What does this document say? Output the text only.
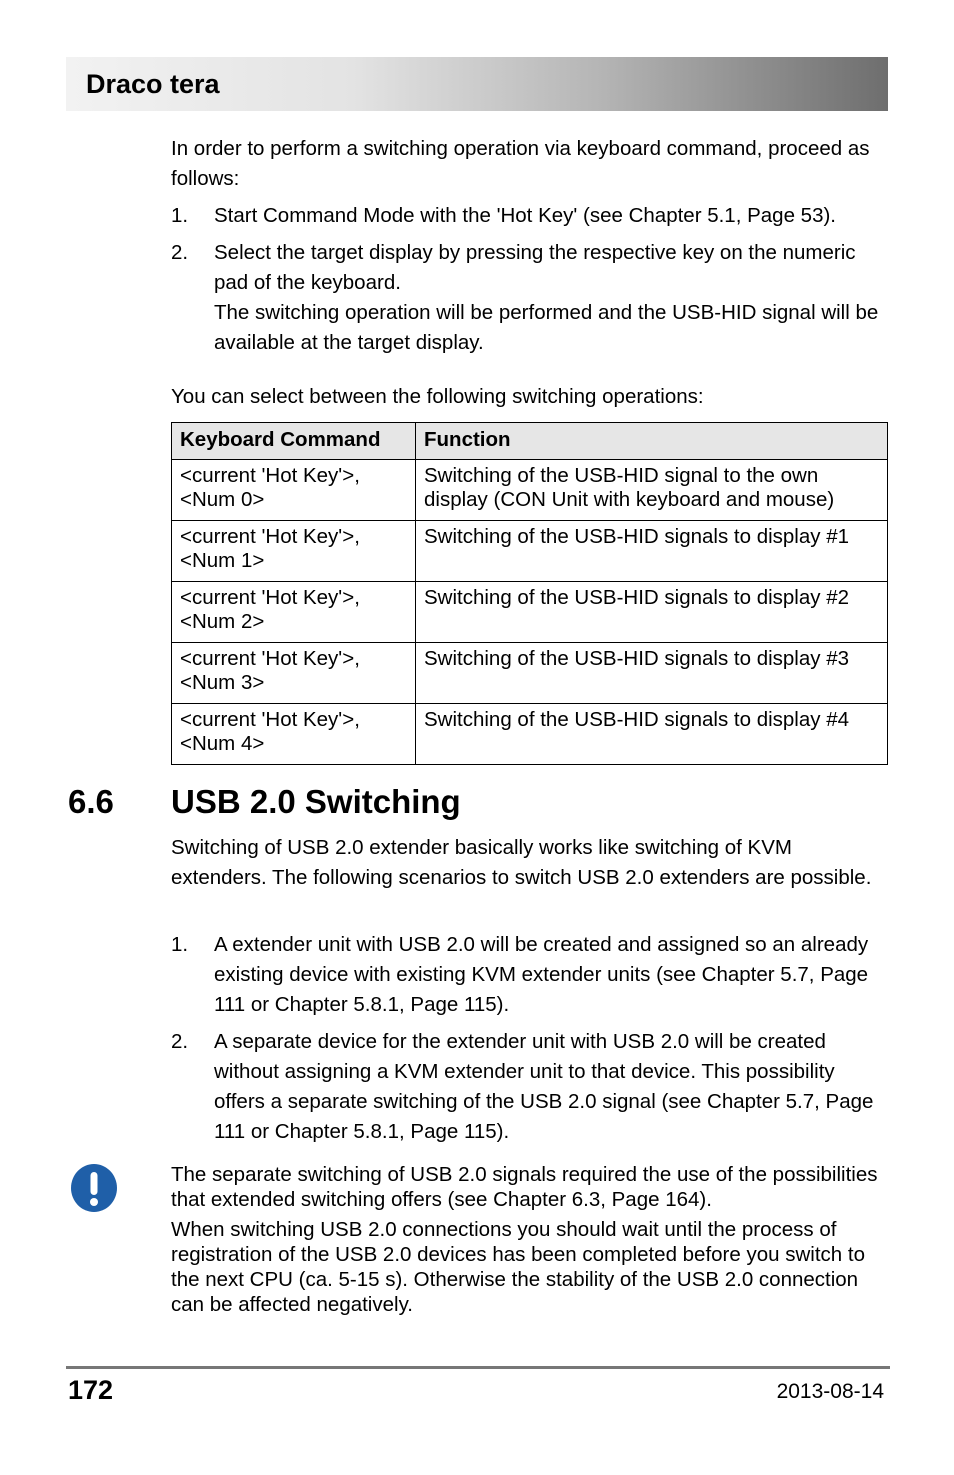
Draco tera
In order to perform a switching operation via keyboard command, proceed as follows:
1. Start Command Mode with the 'Hot Key' (see Chapter 5.1, Page 53).
2. Select the target display by pressing the respective key on the numeric pad of the keyboard.
The switching operation will be performed and the USB-HID signal will be available at the target display.
You can select between the following switching operations:
Keyboard Command	Function

<current 'Hot Key'>,
<Num 0>	Switching of the USB-HID signal to the own display (CON Unit with keyboard and mouse)

<current 'Hot Key'>,
<Num 1>	Switching of the USB-HID signals to display #1

<current 'Hot Key'>,
<Num 2>	Switching of the USB-HID signals to display #2

<current 'Hot Key'>,
<Num 3>	Switching of the USB-HID signals to display #3

<current 'Hot Key'>,
<Num 4>	Switching of the USB-HID signals to display #4
6.6 USB 2.0 Switching
Switching of USB 2.0 extender basically works like switching of KVM extenders. The following scenarios to switch USB 2.0 extenders are possible.
1. A extender unit with USB 2.0 will be created and assigned so an already existing device with existing KVM extender units (see Chapter 5.7, Page 111 or Chapter 5.8.1, Page 115).
2. A separate device for the extender unit with USB 2.0 will be created without assigning a KVM extender unit to that device. This possibility offers a separate switching of the USB 2.0 signal (see Chapter 5.7, Page 111 or Chapter 5.8.1, Page 115).
The separate switching of USB 2.0 signals required the use of the possibilities that extended switching offers (see Chapter 6.3, Page 164).
When switching USB 2.0 connections you should wait until the process of registration of the USB 2.0 devices has been completed before you switch to the next CPU (ca. 5-15 s). Otherwise the stability of the USB 2.0 connection can be affected negatively.
172	2013-08-14
